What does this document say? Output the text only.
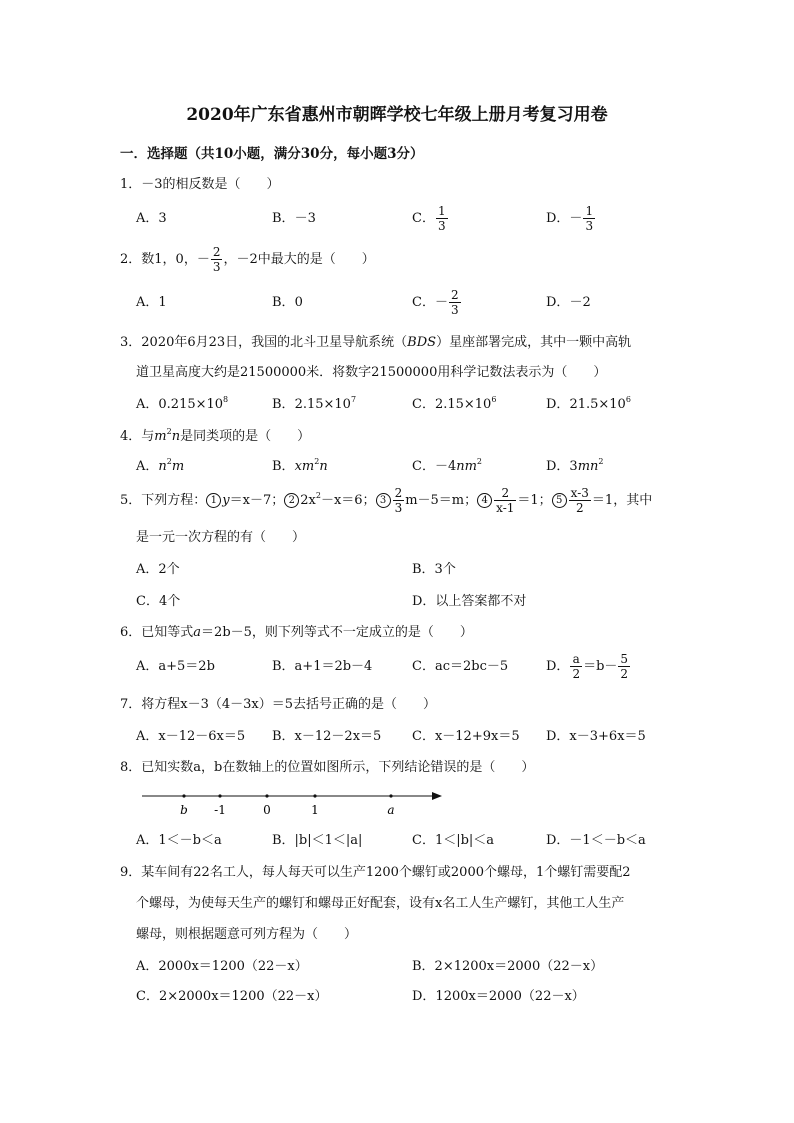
2020年广东省惠州市朝晖学校七年级上册月考复习用卷
一．选择题（共10小题，满分30分，每小题3分）
1．－3的相反数是（　　）
A．3	B．－3	C． $\frac{1}{3}$	D．－ $\frac{1}{3}$
2．数1，0，－ $\frac{2}{3}$ ，－2中最大的是（　　）
A．1	B．0	C．－ $\frac{2}{3}$	D．－2
3．2020年6月23日，我国的北斗卫星导航系统（BDS）星座部署完成，其中一颗中高轨
道卫星高度大约是21500000米．将数字21500000用科学记数法表示为（　　）
A．$0.215\times 10^8$	B．$2.15\times 10^7$	C．$2.15\times 10^6$	D．$21.5\times 10^6$
4．与$m^2n$是同类项的是（　　）
A．$n^2m$	B．$xm^2n$	C．$-4nm^2$	D．$3mn^2$
5．下列方程： 1 y＝x－7； 2 $2x^2-x=6$； $3 \frac{2}{3} m-5=m$； $4 \frac{2}{x-1} =1$； $5 \frac{x-3}{2} =1$，其中
是一元一次方程的有（　　）
A．2个	B．3个
C．4个	D．以上答案都不对
6．已知等式a＝2b－5，则下列等式不一定成立的是（　　）
A．a+5＝2b	B．a+1＝2b－4	C．ac＝2bc－5	D． $\frac{a}{2} =b- \frac{5}{2}$
7．将方程x－3（4－3x）＝5去括号正确的是（　　）
A．x－12－6x＝5 B．x－12－2x＝5 C．x－12+9x＝5 D．x－3+6x＝5
8．已知实数a，b在数轴上的位置如图所示，下列结论错误的是（　　）
b -1	0	1	a
A．1＜－b＜a	B．|b|＜1＜|a|	C．1＜|b|＜a	D．－1＜－b＜a
9．某车间有22名工人，每人每天可以生产1200个螺钉或2000个螺母，1个螺钉需要配2
个螺母，为使每天生产的螺钉和螺母正好配套，设有x名工人生产螺钉，其他工人生产
螺母，则根据题意可列方程为（　　）
A．2000x＝1200（22－x）	B．2×1200x＝2000（22－x）
C．2×2000x＝1200（22－x）	D．1200x＝2000（22－x）
